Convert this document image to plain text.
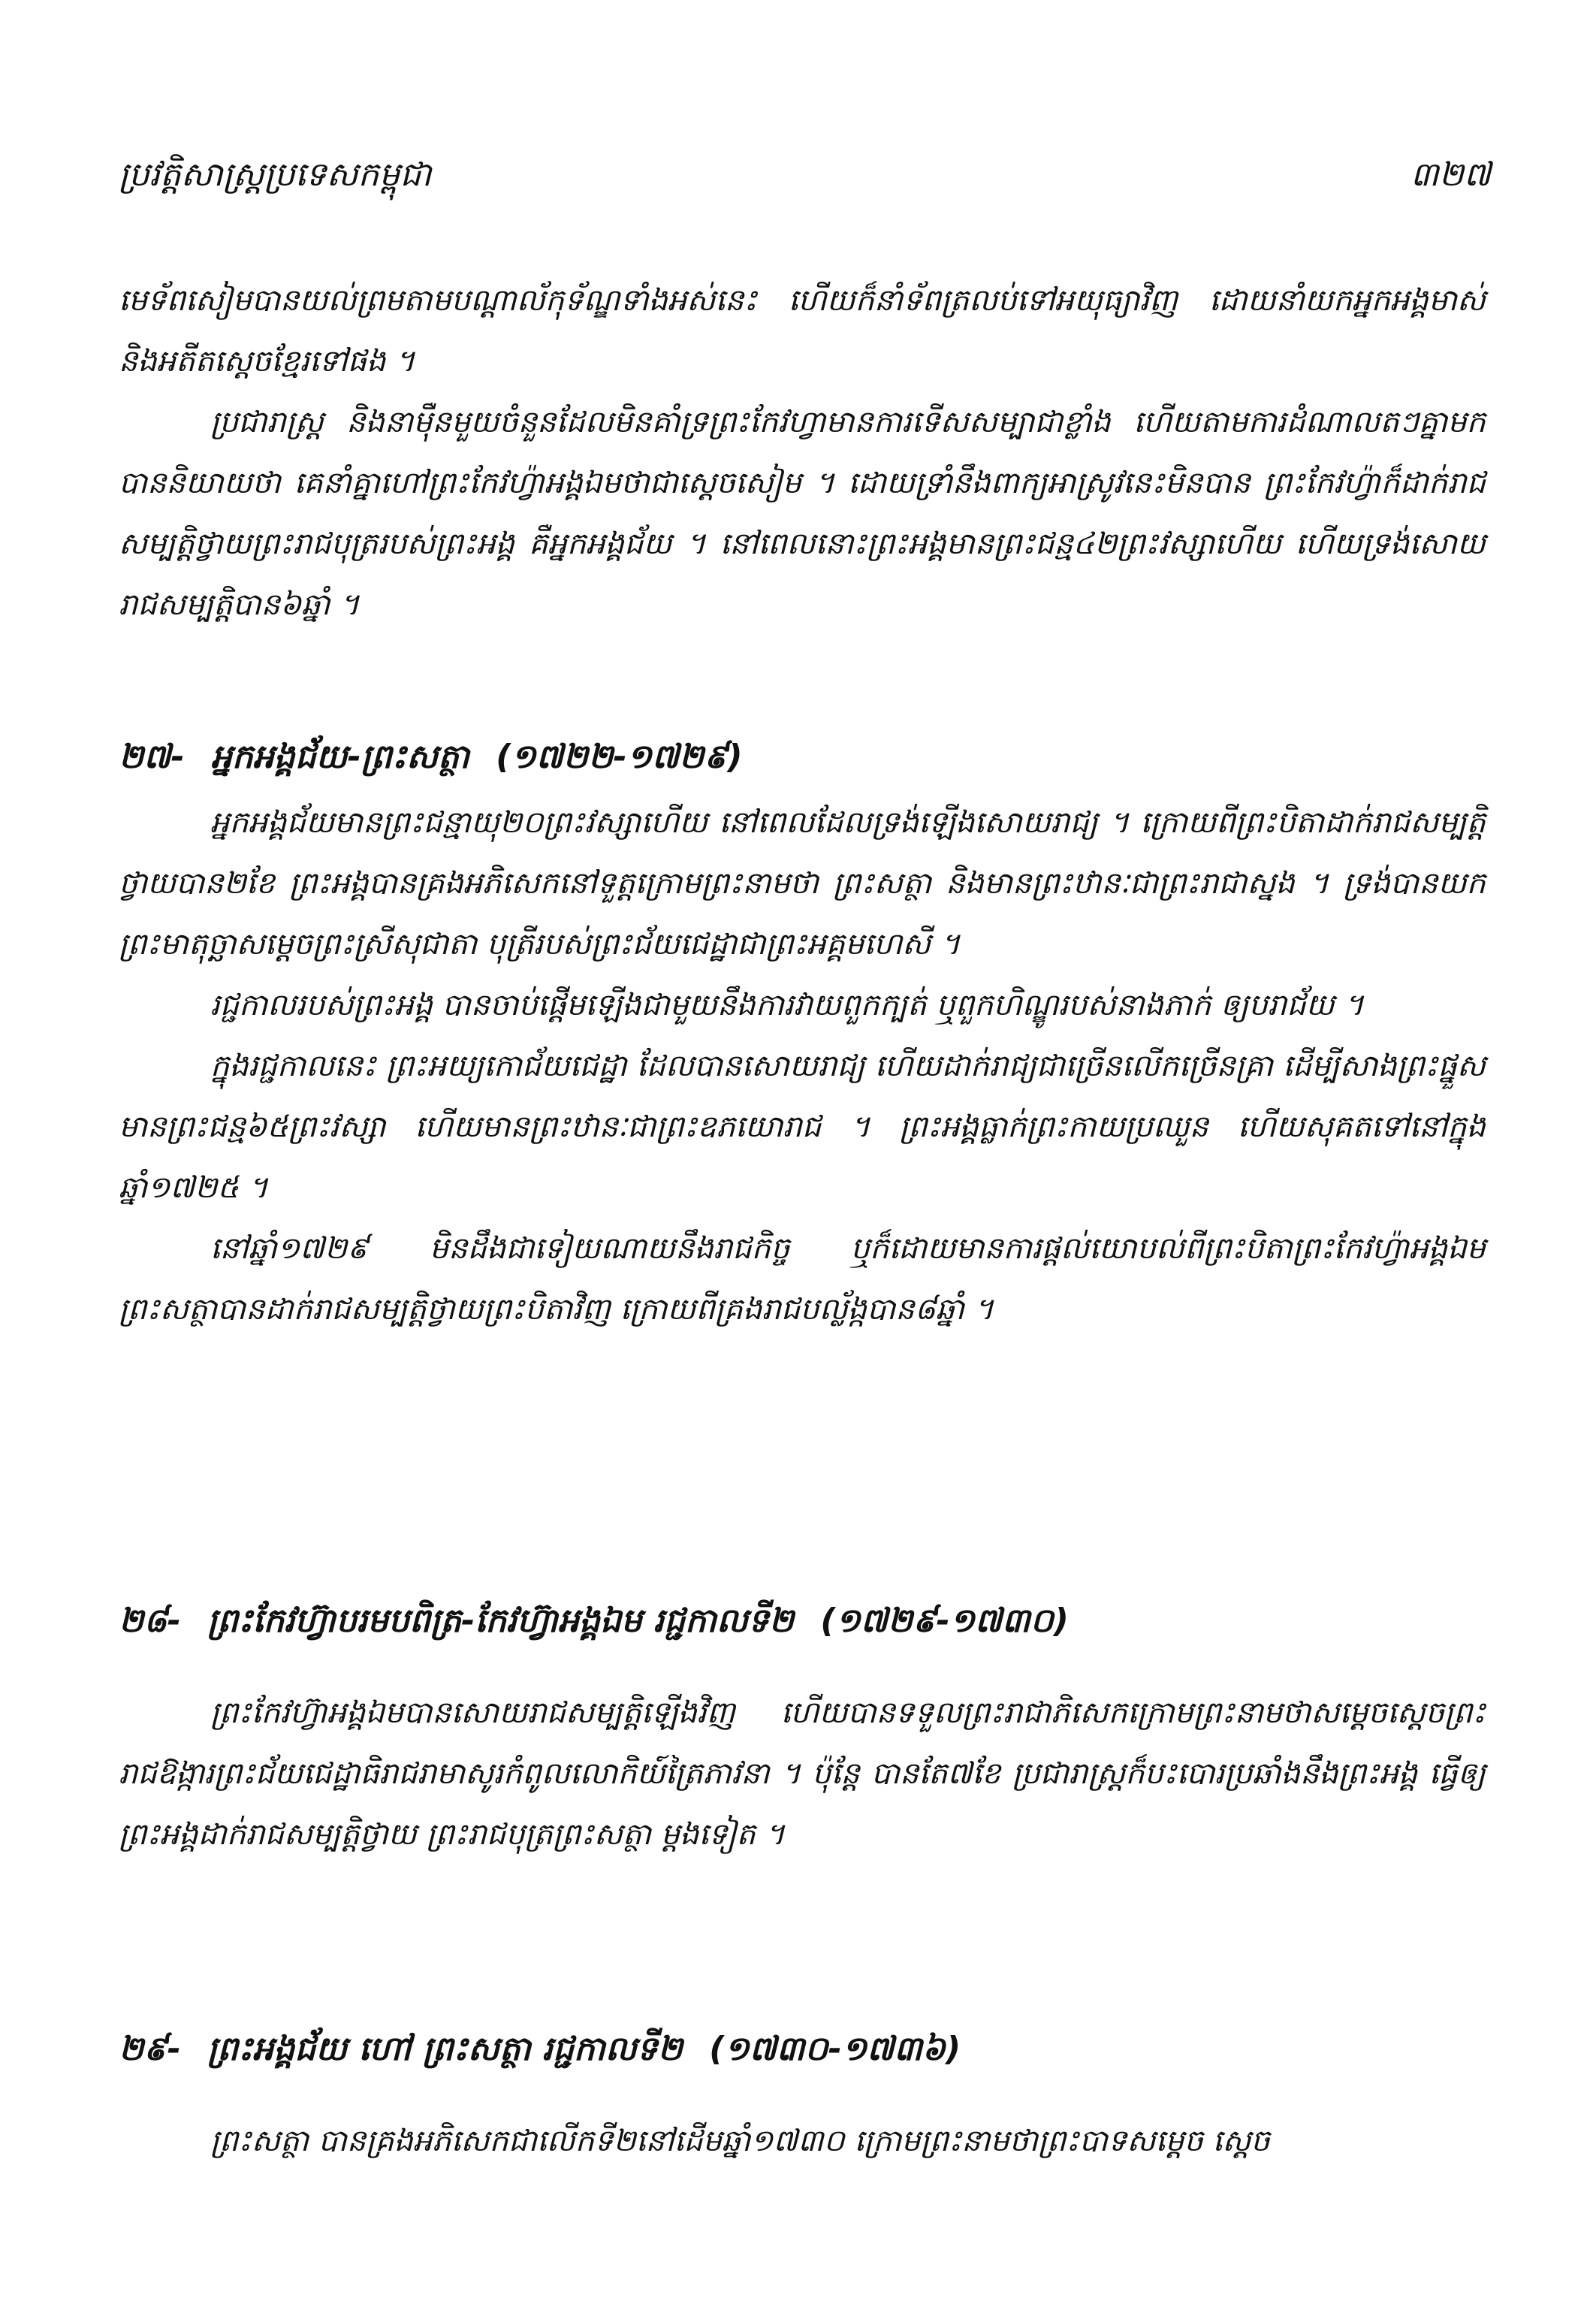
ប្រវត្តិសាស្ត្រប្រទេសកម្ពុជា	៣២៧

មេទ័ពសៀមបានយល់ព្រមតាមបណ្តាល័កុទ័ណ្ឌទាំងអស់នេះ ហើយក៏នាំទ័ពត្រលប់ទៅអយុធ្យាវិញ ដោយនាំយកអ្នកអង្គមាស់ និងអតីតស្តេចខ្មែរទៅផង ។

ប្រជារាស្ត្រ និងនាម៉ឺនមួយចំនួនដែលមិនគាំទ្រព្រះកែវហ្វាមានការទើសសម្បាជាខ្លាំង ហើយតាមការដំណាលតៗគ្នាមកបាននិយាយថា គេនាំគ្នាហៅព្រះកែវហ្វ៉ាអង្គឯមថាជាស្តេចសៀម ។ ដោយទ្រាំនឹងពាក្យអាស្រូវនេះមិនបាន ព្រះកែវហ្វ៉ាក៏ដាក់រាជសម្បត្តិថ្វាយព្រះរាជបុត្ររបស់ព្រះអង្គ គឺអ្នកអង្គជ័យ ។ នៅពេលនោះព្រះអង្គមានព្រះជន្ម៤២ព្រះវស្សាហើយ ហើយទ្រង់សោយរាជសម្បត្តិបាន៦ឆ្នាំ ។

២៧- អ្នកអង្គជ័យ-ព្រះសត្ថា (១៧២២-១៧២៩)

អ្នកអង្គជ័យមានព្រះជន្មាយុ២០ព្រះវស្សាហើយ នៅពេលដែលទ្រង់ឡើងសោយរាជ្យ ។ ក្រោយពីព្រះបិតាដាក់រាជសម្បត្តិថ្វាយបាន២ខែ ព្រះអង្គបានគ្រងអភិសេកនៅទួត្តក្រោមព្រះនាមថា ព្រះសត្ថា និងមានព្រះឋានៈជាព្រះរាជាស្នង ។ ទ្រង់បានយកព្រះមាតុច្ឆាសម្តេចព្រះស្រីសុជាតា បុត្រីរបស់ព្រះជ័យជេដ្ឋាជាព្រះអគ្គមហេសី ។

រជ្ជកាលរបស់ព្រះអង្គ បានចាប់ផ្តើមឡើងជាមួយនឹងការវាយពួកក្បត់ ឬពួកហិណ្ឌូរបស់នាងភាក់ ឲ្យបរាជ័យ ។

ក្នុងរជ្ជកាលនេះ ព្រះអយ្យកោជ័យជេដ្ឋា ដែលបានសោយរាជ្យ ហើយដាក់រាជ្យជាច្រើនលើកច្រើនគ្រា ដើម្បីសាងព្រះផ្នួស មានព្រះជន្ម៦៥ព្រះវស្សា ហើយមានព្រះឋានៈជាព្រះឧភយោរាជ ។ ព្រះអង្គធ្លាក់ព្រះកាយប្រឈួន ហើយសុគតទៅនៅក្នុងឆ្នាំ១៧២៥ ។

នៅឆ្នាំ១៧២៩ មិនដឹងជាទៀយណាយនឹងរាជកិច្ច ឬក៏ដោយមានការផ្តល់យោបល់ពីព្រះបិតាព្រះកែវហ្វ៉ាអង្គឯម ព្រះសត្ថាបានដាក់រាជសម្បត្តិថ្វាយព្រះបិតាវិញ ក្រោយពីគ្រងរាជបល្ល័ង្កបាន៨ឆ្នាំ ។

២៨- ព្រះកែវហ៊្វាបរមបពិត្រ-កែវហ៊្វាអង្គឯម រជ្ជកាលទី២ (១៧២៩-១៧៣០)

ព្រះកែវហ៊្វាអង្គឯមបានសោយរាជសម្បត្តិឡើងវិញ ហើយបានទទួលព្រះរាជាភិសេកក្រោមព្រះនាមថាសម្តេចស្តេចព្រះរាជឱង្ការព្រះជ័យជេដ្ឋាធិរាជរាមាសូរកំពូលលោកិយ៍ត្រៃភាវនា ។ ប៉ុន្តែ បានតែ៧ខែ ប្រជារាស្ត្រក៏បះបោរប្រឆាំងនឹងព្រះអង្គ ធ្វើឲ្យព្រះអង្គដាក់រាជសម្បត្តិថ្វាយ ព្រះរាជបុត្រព្រះសត្ថា ម្តងទៀត ។

២៩- ព្រះអង្គជ័យ ហៅ ព្រះសត្ថា រជ្ជកាលទី២ (១៧៣០-១៧៣៦)

ព្រះសត្ថា បានគ្រងអភិសេកជាលើកទី២នៅដើមឆ្នាំ១៧៣០ ក្រោមព្រះនាមថាព្រះបាទសម្តេច ស្តេច
